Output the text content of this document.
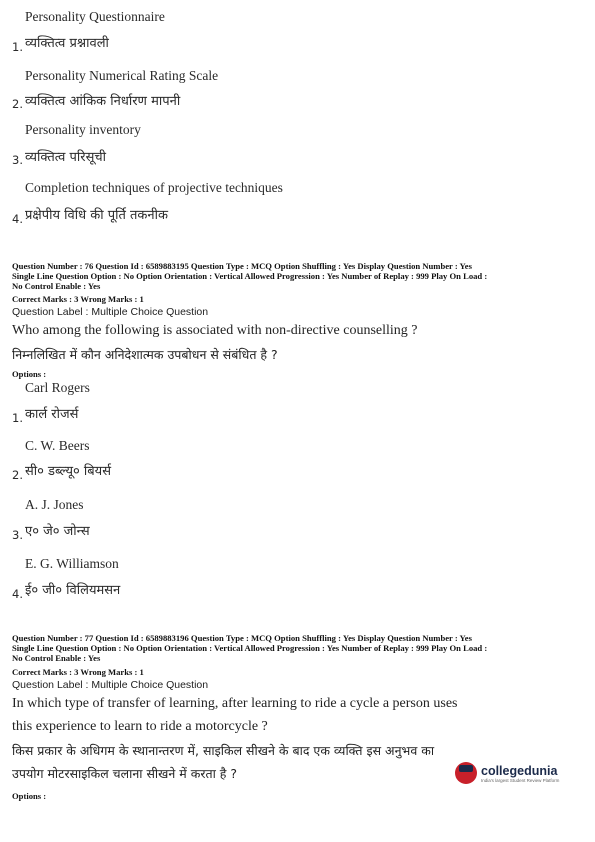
Personality Questionnaire
1. व्यक्तित्व प्रश्नावली
Personality Numerical Rating Scale
2. व्यक्तित्व आंकिक निर्धारण मापनी
Personality inventory
3. व्यक्तित्व परिसूची
Completion techniques of projective techniques
4. प्रक्षेपीय विधि की पूर्ति तकनीक
Question Number : 76 Question Id : 6589883195 Question Type : MCQ Option Shuffling : Yes Display Question Number : Yes
Single Line Question Option : No Option Orientation : Vertical Allowed Progression : Yes Number of Replay : 999 Play On Load :
No Control Enable : Yes
Correct Marks : 3 Wrong Marks : 1
Question Label : Multiple Choice Question
Who among the following is associated with non-directive counselling ?
निम्नलिखित में कौन अनिदेशात्मक उपबोधन से संबंधित है ?
Options :
Carl Rogers
1. कार्ल रोजर्स
C. W. Beers
2. सी० डब्ल्यू० बियर्स
A. J. Jones
3. ए० जे० जोन्स
E. G. Williamson
4. ई० जी० विलियमसन
Question Number : 77 Question Id : 6589883196 Question Type : MCQ Option Shuffling : Yes Display Question Number : Yes
Single Line Question Option : No Option Orientation : Vertical Allowed Progression : Yes Number of Replay : 999 Play On Load :
No Control Enable : Yes
Correct Marks : 3 Wrong Marks : 1
Question Label : Multiple Choice Question
In which type of transfer of learning, after learning to ride a cycle a person uses
this experience to learn to ride a motorcycle ?
किस प्रकार के अधिगम के स्थानान्तरण में, साइकिल सीखने के बाद एक व्यक्ति इस अनुभव का
उपयोग मोटरसाइकिल चलाना सीखने में करता है ?
Options :
collegedunia
India's largest Student Review Platform
